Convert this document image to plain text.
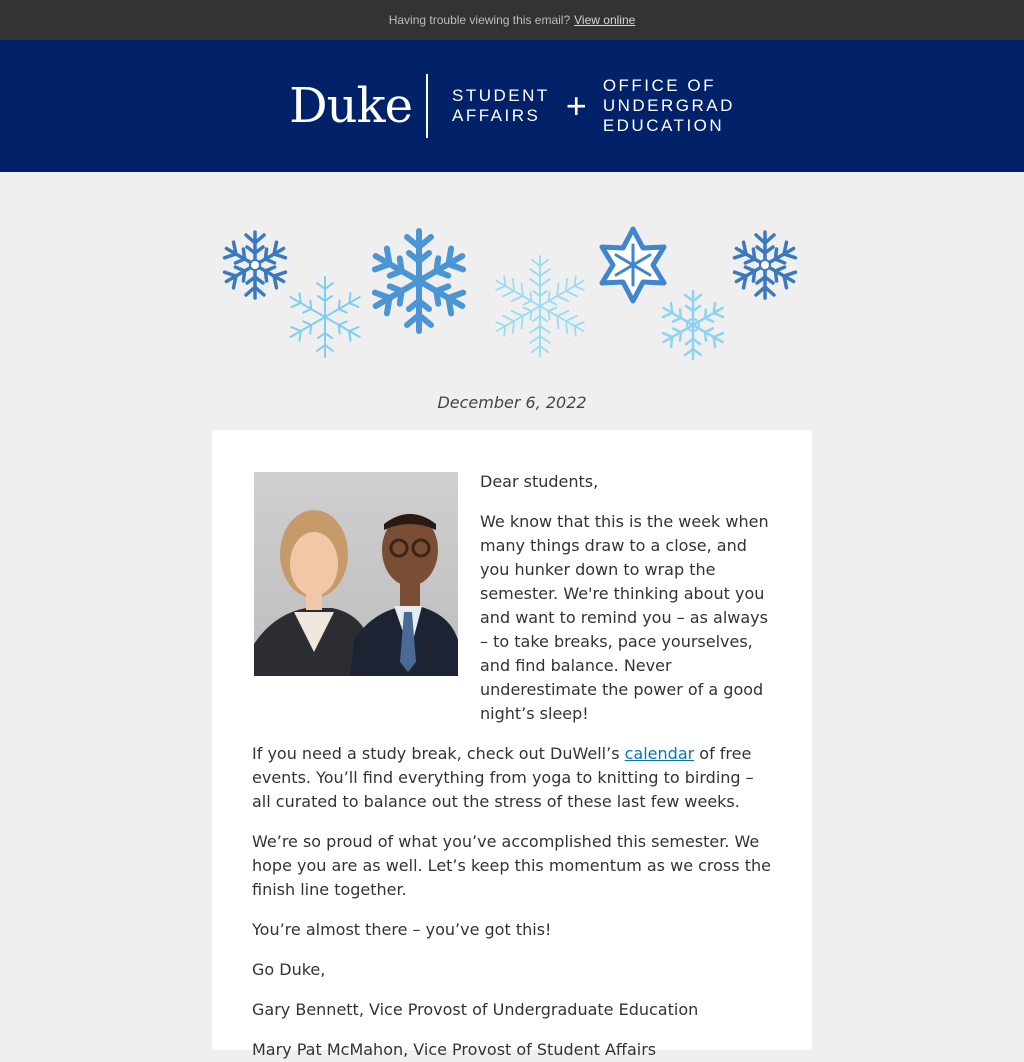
Having trouble viewing this email? View online
Duke	STUDENT
AFFAIRS + OFFICE OF
UNDERGRAD
EDUCATION
December 6, 2022

Dear students,

We know that this is the week when many things draw to a close, and you hunker down to wrap the semester. We're thinking about you and want to remind you – as always – to take breaks, pace yourselves, and find balance. Never underestimate the power of a good night’s sleep!

If you need a study break, check out DuWell’s calendar of free events. You’ll find everything from yoga to knitting to birding – all curated to balance out the stress of these last few weeks.

We’re so proud of what you’ve accomplished this semester. We hope you are as well. Let’s keep this momentum as we cross the finish line together.

You’re almost there – you’ve got this!

Go Duke,

Gary Bennett, Vice Provost of Undergraduate Education

Mary Pat McMahon, Vice Provost of Student Affairs
